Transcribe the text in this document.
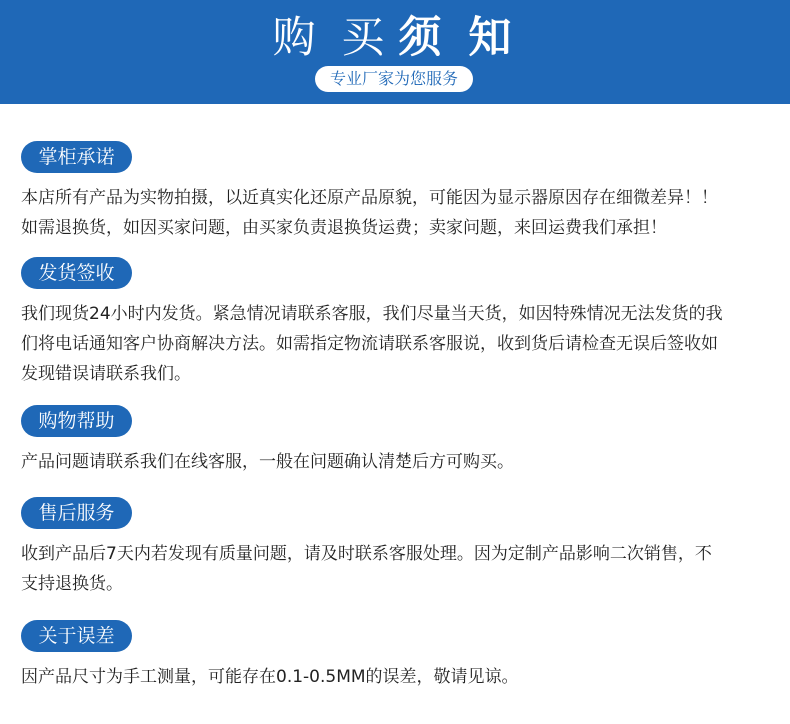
购 买 须 知
专业厂家为您服务
掌柜承诺

本店所有产品为实物拍摄，以近真实化还原产品原貌，可能因为显示器原因存在细微差异！！

如需退换货，如因买家问题，由买家负责退换货运费；卖家问题，来回运费我们承担！

发货签收

我们现货24小时内发货。紧急情况请联系客服，我们尽量当天货，如因特殊情况无法发货的我

们将电话通知客户协商解决方法。如需指定物流请联系客服说，收到货后请检查无误后签收如

发现错误请联系我们。

购物帮助

产品问题请联系我们在线客服，一般在问题确认清楚后方可购买。

售后服务

收到产品后7天内若发现有质量问题，请及时联系客服处理。因为定制产品影响二次销售，不

支持退换货。

关于误差

因产品尺寸为手工测量，可能存在0.1-0.5MM的误差，敬请见谅。
